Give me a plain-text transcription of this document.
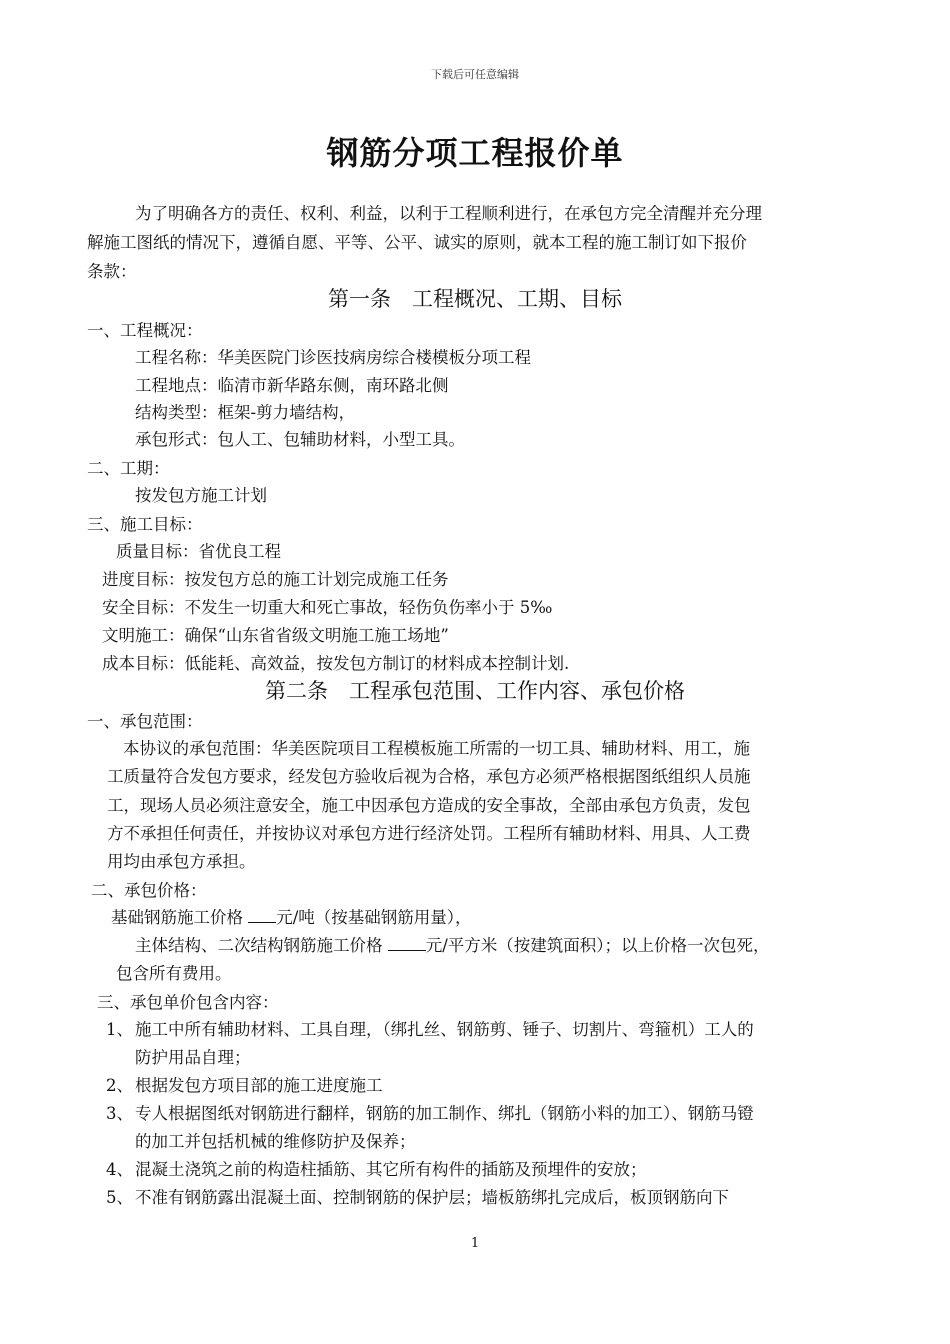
下载后可任意编辑
钢筋分项工程报价单
为了明确各方的责任、权利、利益，以利于工程顺利进行，在承包方完全清醒并充分理
解施工图纸的情况下，遵循自愿、平等、公平、诚实的原则，就本工程的施工制订如下报价
条款：
第一条　工程概况、工期、目标
一、工程概况：
工程名称：华美医院门诊医技病房综合楼模板分项工程
工程地点：临清市新华路东侧，南环路北侧
结构类型：框架-剪力墙结构，
承包形式：包人工、包辅助材料，小型工具。
二、工期：
按发包方施工计划
三、施工目标：
质量目标：省优良工程
进度目标：按发包方总的施工计划完成施工任务
安全目标：不发生一切重大和死亡事故，轻伤负伤率小于 5‰
文明施工：确保“山东省省级文明施工施工场地”
成本目标：低能耗、高效益，按发包方制订的材料成本控制计划.
第二条　工程承包范围、工作内容、承包价格
一、承包范围：
本协议的承包范围：华美医院项目工程模板施工所需的一切工具、辅助材料、用工，施
工质量符合发包方要求，经发包方验收后视为合格，承包方必须严格根据图纸组织人员施
工，现场人员必须注意安全，施工中因承包方造成的安全事故，全部由承包方负责，发包
方不承担任何责任，并按协议对承包方进行经济处罚。工程所有辅助材料、用具、人工费
用均由承包方承担。
二、承包价格：
基础钢筋施工价格 元/吨（按基础钢筋用量），
主体结构、二次结构钢筋施工价格 元/平方米（按建筑面积）；以上价格一次包死，
包含所有费用。
三、承包单价包含内容：
1、 施工中所有辅助材料、工具自理，（绑扎丝、钢筋剪、锤子、切割片、弯箍机）工人的
防护用品自理；
2、 根据发包方项目部的施工进度施工
3、 专人根据图纸对钢筋进行翻样，钢筋的加工制作、绑扎（钢筋小料的加工）、钢筋马镫
的加工并包括机械的维修防护及保养；
4、 混凝土浇筑之前的构造柱插筋、其它所有构件的插筋及预埋件的安放；
5、 不准有钢筋露出混凝土面、控制钢筋的保护层；墙板筋绑扎完成后，板顶钢筋向下
1
